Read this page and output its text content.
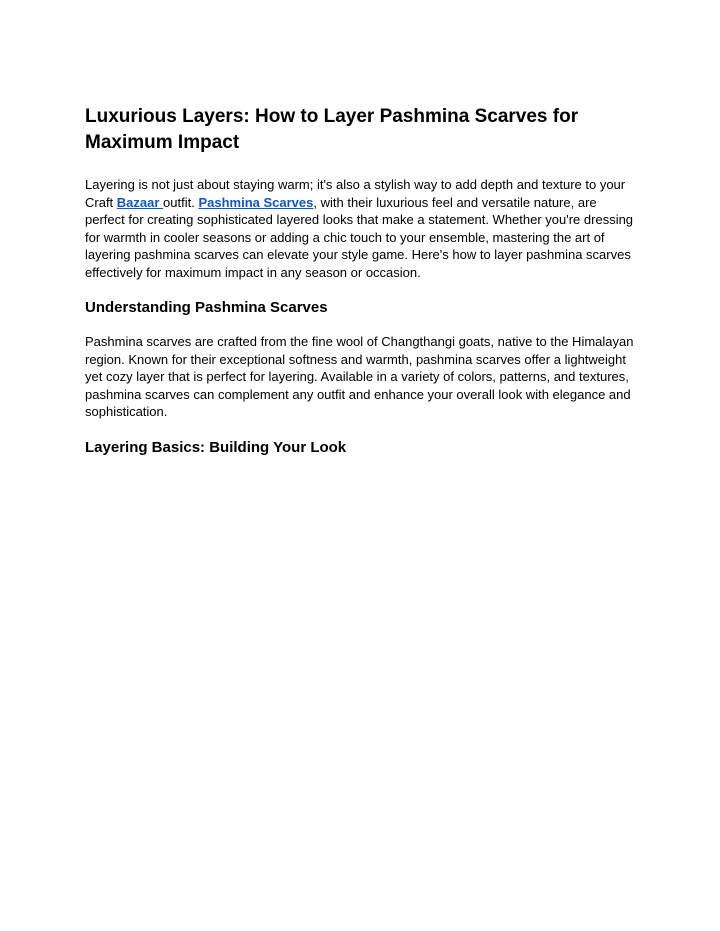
Luxurious Layers: How to Layer Pashmina Scarves for Maximum Impact

Layering is not just about staying warm; it's also a stylish way to add depth and texture to your Craft Bazaar outfit. Pashmina Scarves, with their luxurious feel and versatile nature, are perfect for creating sophisticated layered looks that make a statement. Whether you're dressing for warmth in cooler seasons or adding a chic touch to your ensemble, mastering the art of layering pashmina scarves can elevate your style game. Here's how to layer pashmina scarves effectively for maximum impact in any season or occasion.

Understanding Pashmina Scarves

Pashmina scarves are crafted from the fine wool of Changthangi goats, native to the Himalayan region. Known for their exceptional softness and warmth, pashmina scarves offer a lightweight yet cozy layer that is perfect for layering. Available in a variety of colors, patterns, and textures, pashmina scarves can complement any outfit and enhance your overall look with elegance and sophistication.

Layering Basics: Building Your Look
